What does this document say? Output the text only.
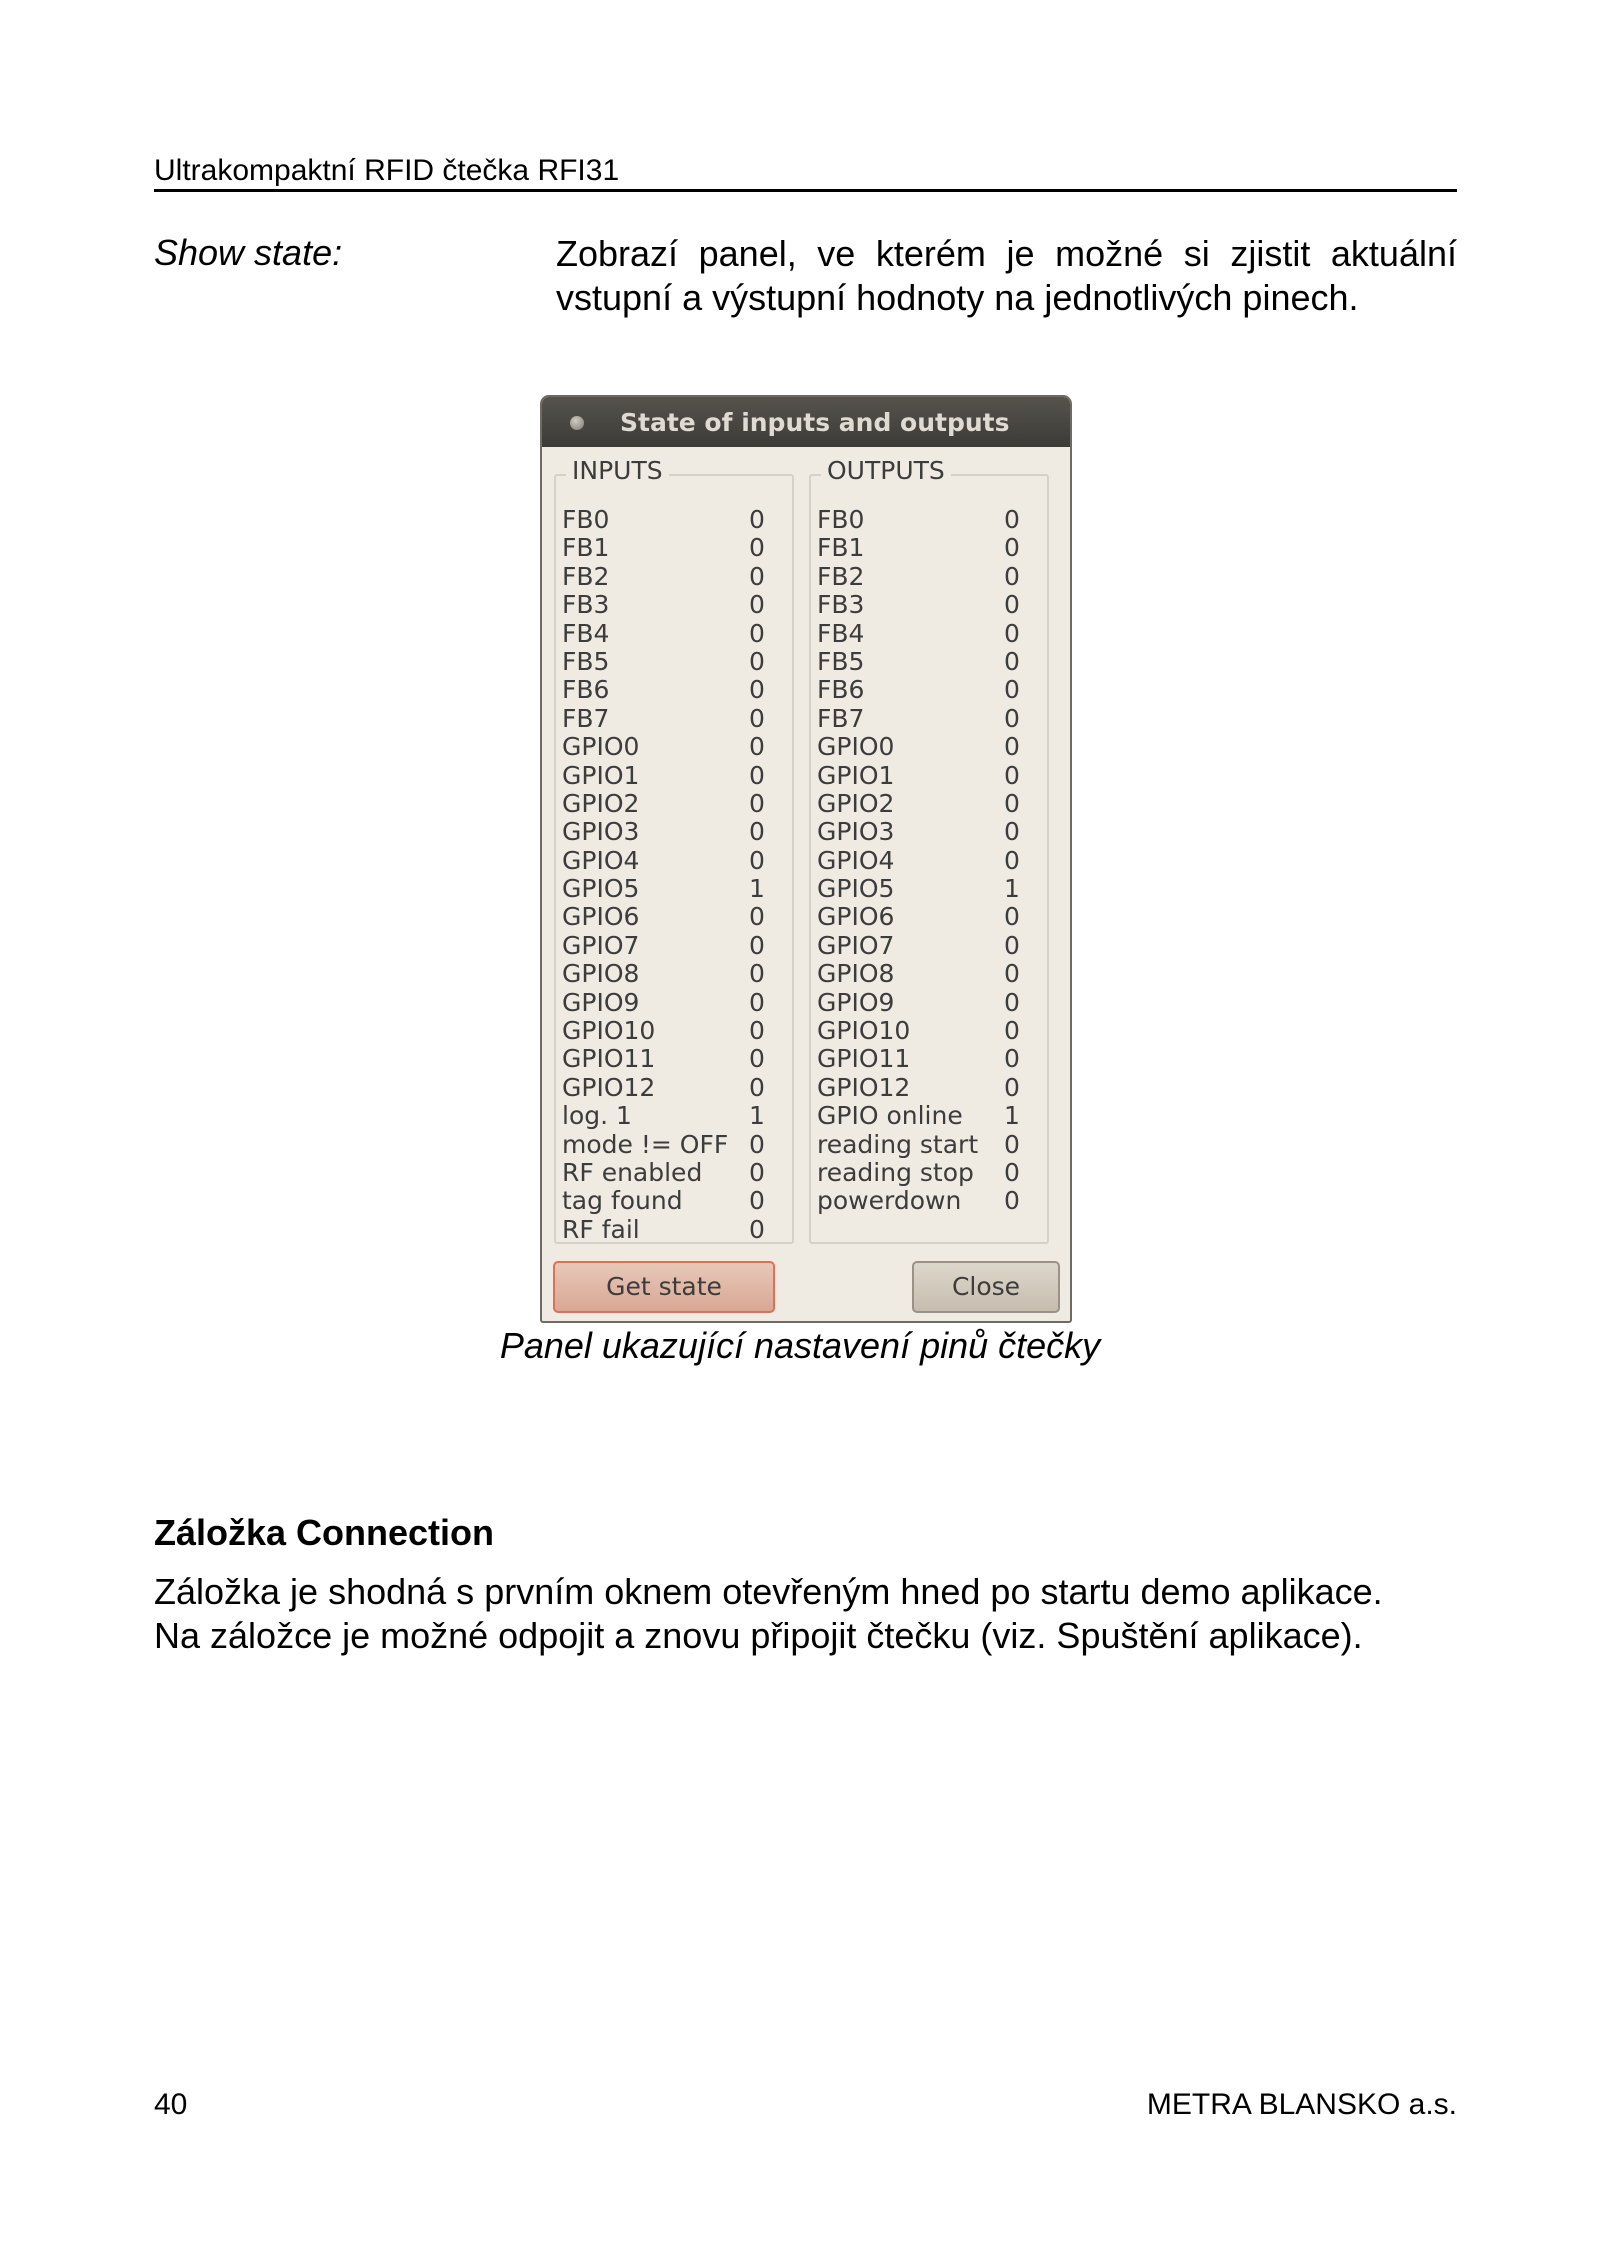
Ultrakompaktní RFID čtečka RFI31
Show state:	Zobrazí panel, ve kterém je možné si zjistit aktuální vstupní a výstupní hodnoty na jednotlivých pinech.
State of inputs and outputs
INPUTS
FB0	0
FB1	0
FB2	0
FB3	0
FB4	0
FB5	0
FB6	0
FB7	0
GPIO0	0
GPIO1	0
GPIO2	0
GPIO3	0
GPIO4	0
GPIO5	1
GPIO6	0
GPIO7	0
GPIO8	0
GPIO9	0
GPIO10	0
GPIO11	0
GPIO12	0
log. 1	1
mode != OFF 0
RF enabled 0
tag found	0
RF fail	0
OUTPUTS
FB0	0
FB1	0
FB2	0
FB3	0
FB4	0
FB5	0
FB6	0
FB7	0
GPIO0	0
GPIO1	0
GPIO2	0
GPIO3	0
GPIO4	0
GPIO5	1
GPIO6	0
GPIO7	0
GPIO8	0
GPIO9	0
GPIO10	0
GPIO11	0
GPIO12	0
GPIO online 1
reading start 0
reading stop 0
powerdown 0
Get state	Close
Panel ukazující nastavení pinů čtečky
Záložka Connection
Záložka je shodná s prvním oknem otevřeným hned po startu demo aplikace.
Na záložce je možné odpojit a znovu připojit čtečku (viz. Spuštění aplikace).
40	METRA BLANSKO a.s.
